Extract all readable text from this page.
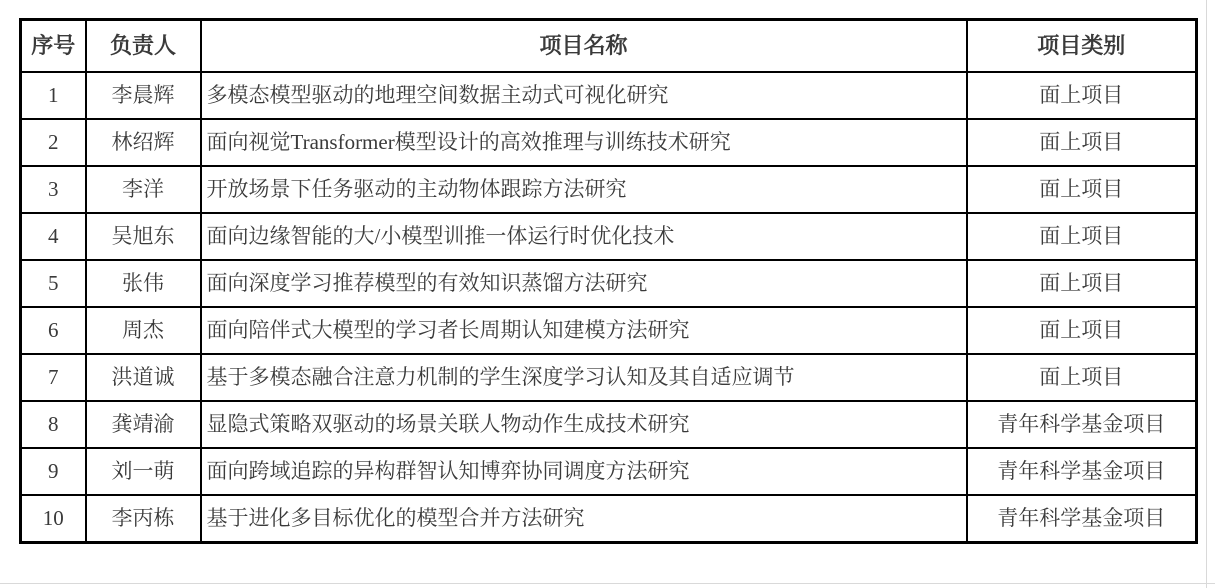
序号	负责人	项目名称	项目类别
1	李晨辉	多模态模型驱动的地理空间数据主动式可视化研究	面上项目
2	林绍辉	面向视觉Transformer模型设计的高效推理与训练技术研究	面上项目
3	李洋	开放场景下任务驱动的主动物体跟踪方法研究	面上项目
4	吴旭东	面向边缘智能的大/小模型训推一体运行时优化技术	面上项目
5	张伟	面向深度学习推荐模型的有效知识蒸馏方法研究	面上项目
6	周杰	面向陪伴式大模型的学习者长周期认知建模方法研究	面上项目
7	洪道诚	基于多模态融合注意力机制的学生深度学习认知及其自适应调节	面上项目
8	龚靖渝	显隐式策略双驱动的场景关联人物动作生成技术研究	青年科学基金项目
9	刘一萌	面向跨域追踪的异构群智认知博弈协同调度方法研究	青年科学基金项目
10	李丙栋	基于进化多目标优化的模型合并方法研究	青年科学基金项目
